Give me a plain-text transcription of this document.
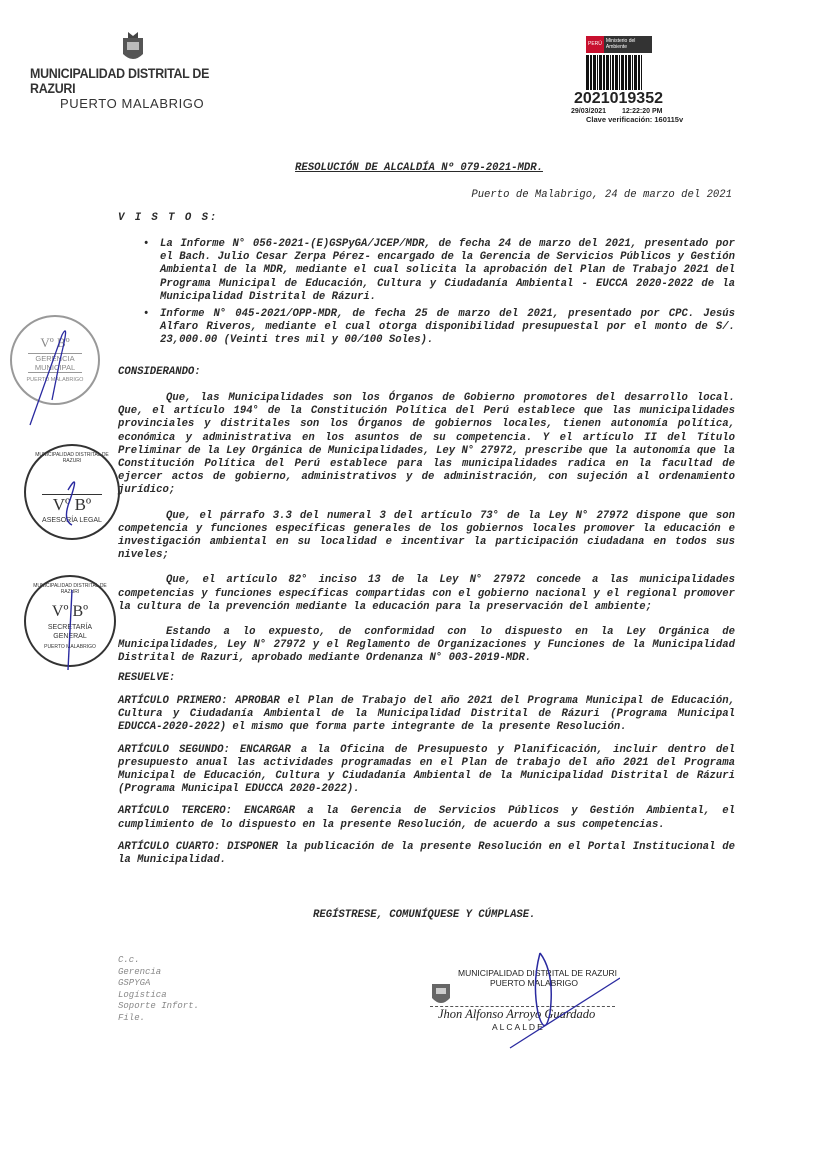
MUNICIPALIDAD DISTRITAL DE RAZURI
PUERTO MALABRIGO
PERÚ Ministerio del Ambiente
2021019352
29/03/2021 12:22:20 PM
Clave verificación: 160115v
RESOLUCIÓN DE ALCALDÍA Nº 079-2021-MDR.
Puerto de Malabrigo, 24 de marzo del 2021
V I S T O S:
• La Informe N° 056-2021-(E)GSPyGA/JCEP/MDR, de fecha 24 de marzo del 2021, presentado por el Bach. Julio Cesar Zerpa Pérez- encargado de la Gerencia de Servicios Públicos y Gestión Ambiental de la MDR, mediante el cual solicita la aprobación del Plan de Trabajo 2021 del Programa Municipal de Educación, Cultura y Ciudadanía Ambiental - EUCCA 2020-2022 de la Municipalidad Distrital de Rázuri.
• Informe N° 045-2021/OPP-MDR, de fecha 25 de marzo del 2021, presentado por CPC. Jesús Alfaro Riveros, mediante el cual otorga disponibilidad presupuestal por el monto de S/. 23,000.00 (Veinti tres mil y 00/100 Soles).
CONSIDERANDO:

Que, las Municipalidades son los Órganos de Gobierno promotores del desarrollo local. Que, el artículo 194° de la Constitución Política del Perú establece que las municipalidades provinciales y distritales son los Órganos de gobiernos locales, tienen autonomía política, económica y administrativa en los asuntos de su competencia. Y el artículo II del Título Preliminar de la Ley Orgánica de Municipalidades, Ley N° 27972, prescribe que la autonomía que la Constitución Política del Perú establece para las municipalidades radica en la facultad de ejercer actos de gobierno, administrativos y de administración, con sujeción al ordenamiento jurídico;

Que, el párrafo 3.3 del numeral 3 del artículo 73° de la Ley N° 27972 dispone que son competencia y funciones específicas generales de los gobiernos locales promover la educación e investigación ambiental en su localidad e incentivar la participación ciudadana en todos sus niveles;

Que, el artículo 82° inciso 13 de la Ley N° 27972 concede a las municipalidades competencias y funciones específicas compartidas con el gobierno nacional y el regional promover la cultura de la prevención mediante la educación para la preservación del ambiente;

Estando a lo expuesto, de conformidad con lo dispuesto en la Ley Orgánica de Municipalidades, Ley N° 27972 y el Reglamento de Organizaciones y Funciones de la Municipalidad Distrital de Razuri, aprobado mediante Ordenanza N° 003-2019-MDR.

RESUELVE:

ARTÍCULO PRIMERO: APROBAR el Plan de Trabajo del año 2021 del Programa Municipal de Educación, Cultura y Ciudadanía Ambiental de la Municipalidad Distrital de Rázuri (Programa Municipal EDUCCA-2020-2022) el mismo que forma parte integrante de la presente Resolución.

ARTÍCULO SEGUNDO: ENCARGAR a la Oficina de Presupuesto y Planificación, incluir dentro del presupuesto anual las actividades programadas en el Plan de trabajo del año 2021 del Programa Municipal de Educación, Cultura y Ciudadanía Ambiental de la Municipalidad Distrital de Rázuri (Programa Municipal EDUCCA 2020-2022).

ARTÍCULO TERCERO: ENCARGAR a la Gerencia de Servicios Públicos y Gestión Ambiental, el cumplimiento de lo dispuesto en la presente Resolución, de acuerdo a sus competencias.

ARTÍCULO CUARTO: DISPONER la publicación de la presente Resolución en el Portal Institucional de la Municipalidad.

REGÍSTRESE, COMUNÍQUESE Y CÚMPLASE.
C.c.
Gerencia
GSPYGA
Logística
Soporte Infort.
File.
MUNICIPALIDAD DISTRITAL DE RAZURI
PUERTO MALABRIGO
Jhon Alfonso Arroyo Guardado
ALCALDE
Vº Bº
GERENCIA MUNICIPAL
PUERTO MALABRIGO
MUNICIPALIDAD DISTRITAL DE RAZURI
Vº Bº
ASESORÍA LEGAL
MUNICIPALIDAD DISTRITAL DE RAZURI
Vº Bº
SECRETARÍA GENERAL
PUERTO MALABRIGO
